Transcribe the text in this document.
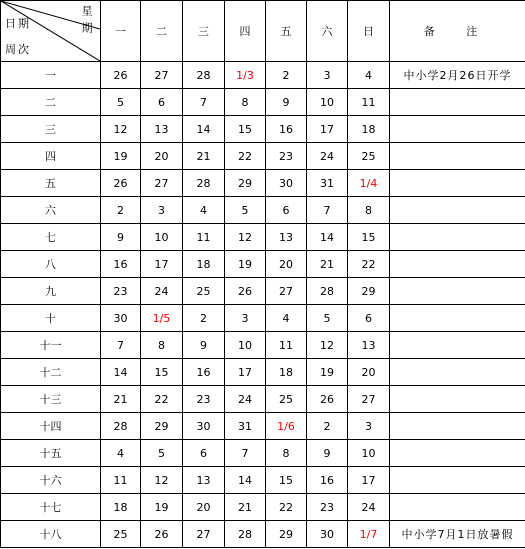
星期
日期
周次	一	二	三	四	五	六	日	备 注
一	26	27	28	1/3	2	3	4	中小学2月26日开学
二	5	6	7	8	9	10	11	
三	12	13	14	15	16	17	18	
四	19	20	21	22	23	24	25	
五	26	27	28	29	30	31	1/4	
六	2	3	4	5	6	7	8	
七	9	10	11	12	13	14	15	
八	16	17	18	19	20	21	22	
九	23	24	25	26	27	28	29	
十	30	1/5	2	3	4	5	6	
十一	7	8	9	10	11	12	13	
十二	14	15	16	17	18	19	20	
十三	21	22	23	24	25	26	27	
十四	28	29	30	31	1/6	2	3	
十五	4	5	6	7	8	9	10	
十六	11	12	13	14	15	16	17	
十七	18	19	20	21	22	23	24	
十八	25	26	27	28	29	30	1/7	中小学7月1日放暑假
